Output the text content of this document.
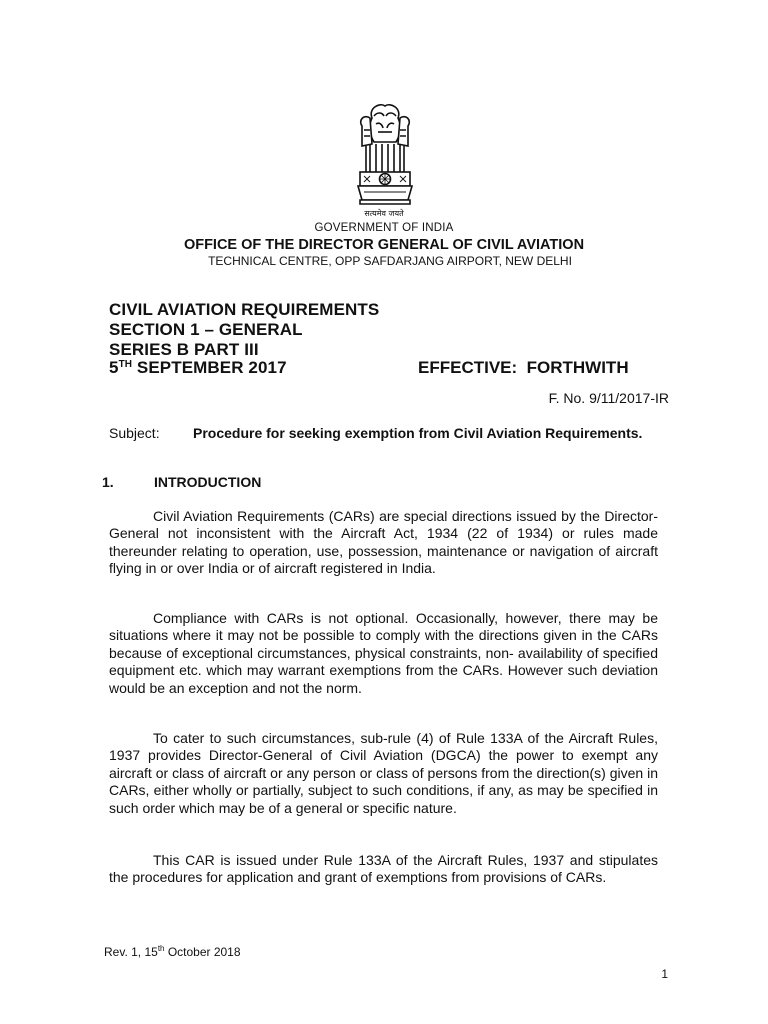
सत्यमेव जयते
GOVERNMENT OF INDIA
OFFICE OF THE DIRECTOR GENERAL OF CIVIL AVIATION
TECHNICAL CENTRE, OPP SAFDARJANG AIRPORT, NEW DELHI
CIVIL AVIATION REQUIREMENTS
SECTION 1 – GENERAL
SERIES B PART III
5TH SEPTEMBER 2017	EFFECTIVE:  FORTHWITH
F. No. 9/11/2017-IR
Subject: Procedure for seeking exemption from Civil Aviation Requirements.
1.	INTRODUCTION
Civil Aviation Requirements (CARs) are special directions issued by the Director-General not inconsistent with the Aircraft Act, 1934 (22 of 1934) or rules made thereunder relating to operation, use, possession, maintenance or navigation of aircraft flying in or over India or of aircraft registered in India.
Compliance with CARs is not optional. Occasionally, however, there may be situations where it may not be possible to comply with the directions given in the CARs because of exceptional circumstances, physical constraints, non- availability of specified equipment etc. which may warrant exemptions from the CARs. However such deviation would be an exception and not the norm.
To cater to such circumstances, sub-rule (4) of Rule 133A of the Aircraft Rules, 1937 provides Director-General of Civil Aviation (DGCA) the power to exempt any aircraft or class of aircraft or any person or class of persons from the direction(s) given in CARs, either wholly or partially, subject to such conditions, if any, as may be specified in such order which may be of a general or specific nature.
This CAR is issued under Rule 133A of the Aircraft Rules, 1937 and stipulates the procedures for application and grant of exemptions from provisions of CARs.
Rev. 1, 15th October 2018
1
